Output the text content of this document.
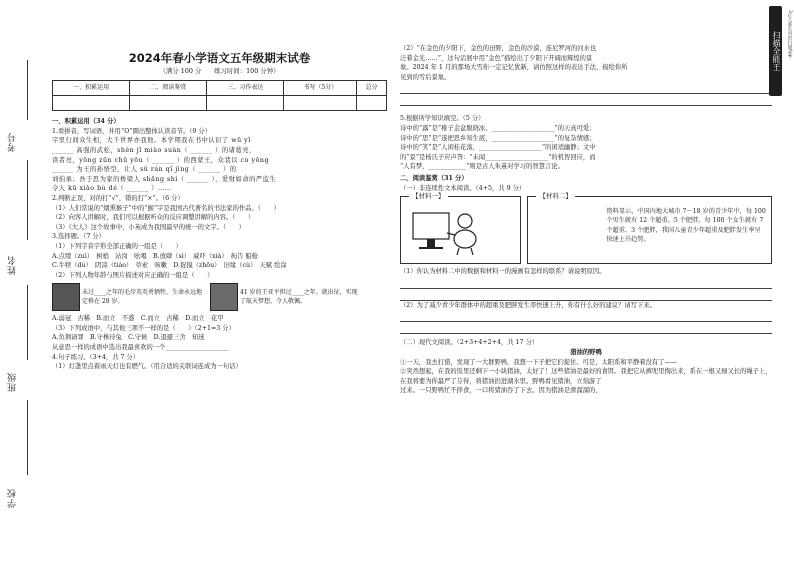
考号
姓名
班级
学校
2024年春小学语文五年级期末试卷
（满分 100 分　　练习时间：100 分钟）
一、积累运用	二、阅读鉴赏	三、习作表达	书写（5分）	总分

一、积累运用（34 分）
1.看拼音，写词语，并用“O”圈出整体认读音节。（9 分）
字里行间众生相，大千世界亦我他。本学期我在书中认识了 wū yǐ
______ 高强的武松，shén jī miào suàn（ ______ ）的诸葛亮，
读者亮，yōng zūn chū yōu（ ______ ）的西蒙王，众裴以 cù yōng
______ 为王的孙悟空，让人 sǔ rán qǐ jìng（ ______ ）的
刘伯承；吾于思为家的桥梁人 shǎng shí（ ______ ），爱财如命的严监生
令人 kū xiào bù dé（ ______ ）……
2.判断正误，对的打“√”，错的打“×”。（6 分）
（1）人们常说的“烟熏猴子”中的“猴”字是我国古代著名的书法家的作品。（　　）
（2）向客人讲解时，我们可以根据听众的反应调整讲解的内容。（　　）
（3）《大人》这个故事中，小英成为我国最早的统一的文字。（　　）
3.选择题。（7 分）
（1）下列字音字形全部正确的一组是（　　）
A.点缀（zuì）　树梢　站岗　吆喝　B.放肆（sì）　威吓（xià）　拘告 船舱
C.牛犊（dú）　阴凉（tiáo）　草索　咳嗽　D.捉摸（zhōu）　旧缘（cù）　天赋 绘涂
（2）下列人物年龄与图片描述对应正确的一组是（　　）
未过____之年的毛岸英英勇牺牲，生命永远地定格在 28 岁。
41 岁的王亚平担过____之年。就出征，实现了航天梦想，令人敬佩。
A.弱冠　古稀　B.而立　不惑　C.而立　古稀　D.而立　花甲
（3）下列成语中，与其他三项不一样的是（　　）（2+1=3 分）
A.负荆请罪　B.守株待兔　C.守候　D.退避三舍　知迷
从意思一样的成语中选出我最喜欢的一个____________________
4.句子练习。（3+4，共 7 分）
（1）灯盏里点着雨天灯也有燃气。（用合适的关联词连成为一句话）
（2）“在金色的夕阳下，金色的田野，金色的沙漠，连尼罗河的河水也
泛着金光……”，这句话展中用“金色”描绘出了夕阳下开阔而辉煌的景
象。2024 年 1 月的那场大雪你一定记忆犹新，请仿照这样的表达手法，描绘你所
见到的雪后景象。
5.根据所学知识填空。（5 分）
诗中的“露”是“稚子金盆脱晓冰，____________________”的天真可爱；
诗中的“思”是“遂把思乡知生底，____________________”的复杂情感；
诗中的“笑”是“人闲桂花落，____________________”的闲适幽静；文中
的“景”是杨氏子应声答：“未闻____________________”的机智回应，而
“人有梦，____________”则是古人朱熹对学习的智慧言论。
二、阅读鉴赏（31 分）
（一）非连续性文本阅读。（4+5，共 9 分）
【材料一】	【材料二】
资料显示，中国内地大城市 7～18 岁的青少年中，每 100 个男生就有 12 个超重、5 个肥胖，每 100 个女生就有 7 个超重、3 个肥胖，我国儿童青少年超重及肥胖发生率呈快速上升趋势。
（1）你认为材料二中的数据和材料一的漫画有怎样的联系？请说明原因。
（2）为了减少青少年群体中的超重及肥胖发生率快速上升，你有什么好的建议？请写下来。
（二）现代文阅读。（2+3+4+2+4，共 17 分）
猎油的野鸭
①一天，我去打猎，发现了一大群野鸭，我想一下子把它们捉住。可是，太阳系和平静着没有了——
②突然想起，在我的饭里还剩下一小块猪油，太好了！这些猪油是最好的食饵。我把它从裤兜里掏出来，系在一根又细又长的绳子上，
在我将要为你最严了芬得，将猪油扔进湖水里。野鸭看见猪油，立刻游了
过来。一只野鸭忙不择食，一口将猪油吞了下去。因为猪油是滑溜溜的，
扫描全能王 3亿人都在用的扫描App
